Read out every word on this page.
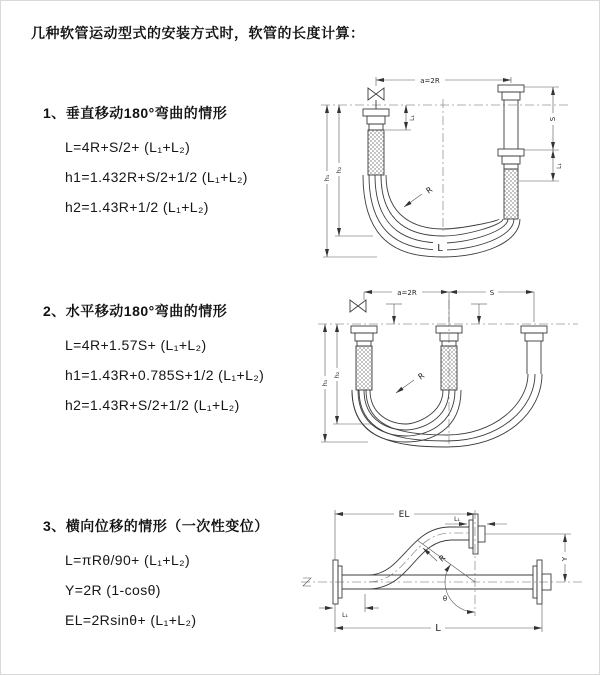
几种软管运动型式的安装方式时，软管的长度计算：
1、垂直移动180°弯曲的情形
L=4R+S/2+ (L₁+L₂)
h1=1.432R+S/2+1/2 (L₁+L₂)
h2=1.43R+1/2 (L₁+L₂)
2、水平移动180°弯曲的情形
L=4R+1.57S+ (L₁+L₂)
h1=1.43R+0.785S+1/2 (L₁+L₂)
h2=1.43R+S/2+1/2 (L₁+L₂)
3、横向位移的情形（一次性变位）
L=πRθ/90+ (L₁+L₂)
Y=2R (1-cosθ)
EL=2Rsinθ+ (L₁+L₂)
a=2R
S
L₁
L₁
h₁
h₂
R
L
a=2R	S
h₁
h₂	R
θ
R
EL	L₁
Y
L
L₁
